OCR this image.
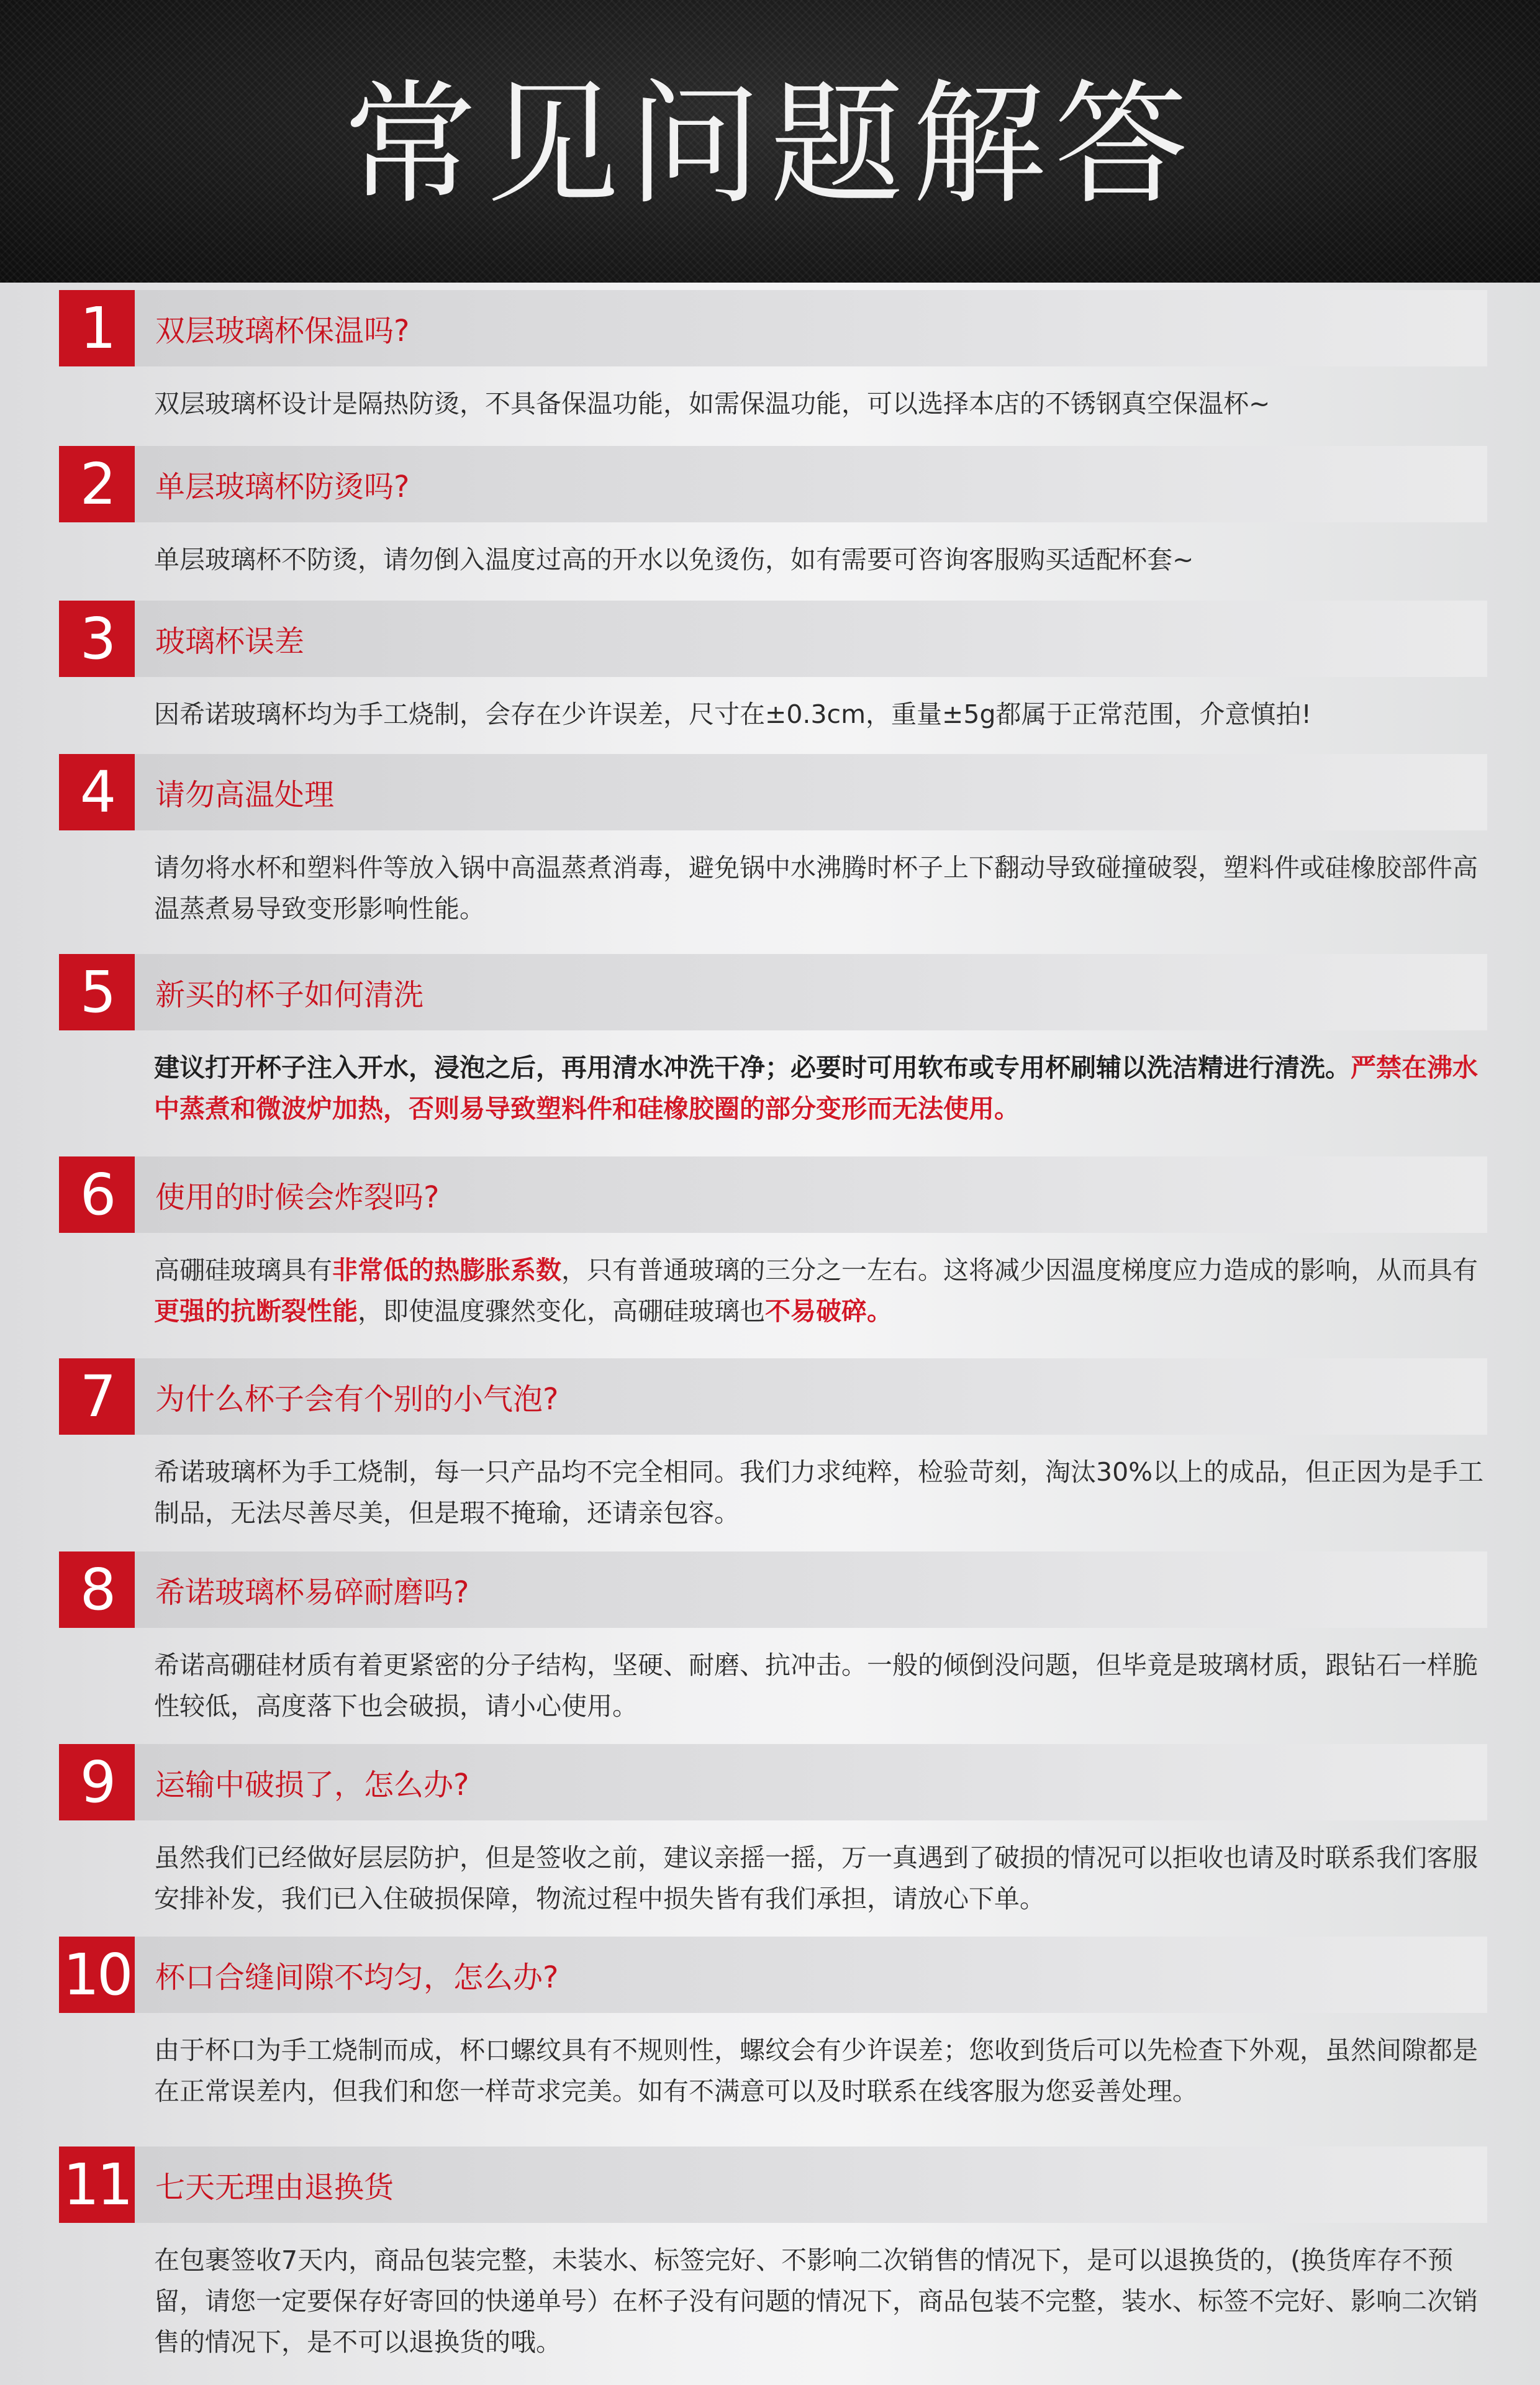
常见问题解答
1	双层玻璃杯保温吗?
双层玻璃杯设计是隔热防烫，不具备保温功能，如需保温功能，可以选择本店的不锈钢真空保温杯~
2	单层玻璃杯防烫吗?
单层玻璃杯不防烫，请勿倒入温度过高的开水以免烫伤，如有需要可咨询客服购买适配杯套~
3	玻璃杯误差
因希诺玻璃杯均为手工烧制，会存在少许误差，尺寸在±0.3cm，重量±5g都属于正常范围，介意慎拍!
4	请勿高温处理
请勿将水杯和塑料件等放入锅中高温蒸煮消毒，避免锅中水沸腾时杯子上下翻动导致碰撞破裂，塑料件或硅橡胶部件高温蒸煮易导致变形影响性能。
5	新买的杯子如何清洗
建议打开杯子注入开水，浸泡之后，再用清水冲洗干净；必要时可用软布或专用杯刷辅以洗洁精进行清洗。严禁在沸水中蒸煮和微波炉加热，否则易导致塑料件和硅橡胶圈的部分变形而无法使用。
6	使用的时候会炸裂吗?
高硼硅玻璃具有非常低的热膨胀系数，只有普通玻璃的三分之一左右。这将减少因温度梯度应力造成的影响，从而具有更强的抗断裂性能，即使温度骤然变化，高硼硅玻璃也不易破碎。
7	为什么杯子会有个别的小气泡?
希诺玻璃杯为手工烧制，每一只产品均不完全相同。我们力求纯粹，检验苛刻，淘汰30%以上的成品，但正因为是手工制品，无法尽善尽美，但是瑕不掩瑜，还请亲包容。
8	希诺玻璃杯易碎耐磨吗?
希诺高硼硅材质有着更紧密的分子结构，坚硬、耐磨、抗冲击。一般的倾倒没问题，但毕竟是玻璃材质，跟钻石一样脆性较低，高度落下也会破损，请小心使用。
9	运输中破损了，怎么办?
虽然我们已经做好层层防护，但是签收之前，建议亲摇一摇，万一真遇到了破损的情况可以拒收也请及时联系我们客服安排补发，我们已入住破损保障，物流过程中损失皆有我们承担，请放心下单。
10 杯口合缝间隙不均匀，怎么办?
由于杯口为手工烧制而成，杯口螺纹具有不规则性，螺纹会有少许误差；您收到货后可以先检查下外观，虽然间隙都是在正常误差内，但我们和您一样苛求完美。如有不满意可以及时联系在线客服为您妥善处理。
11 七天无理由退换货
在包裹签收7天内，商品包装完整，未装水、标签完好、不影响二次销售的情况下，是可以退换货的，(换货库存不预留，请您一定要保存好寄回的快递单号）在杯子没有问题的情况下，商品包装不完整，装水、标签不完好、影响二次销售的情况下，是不可以退换货的哦。
